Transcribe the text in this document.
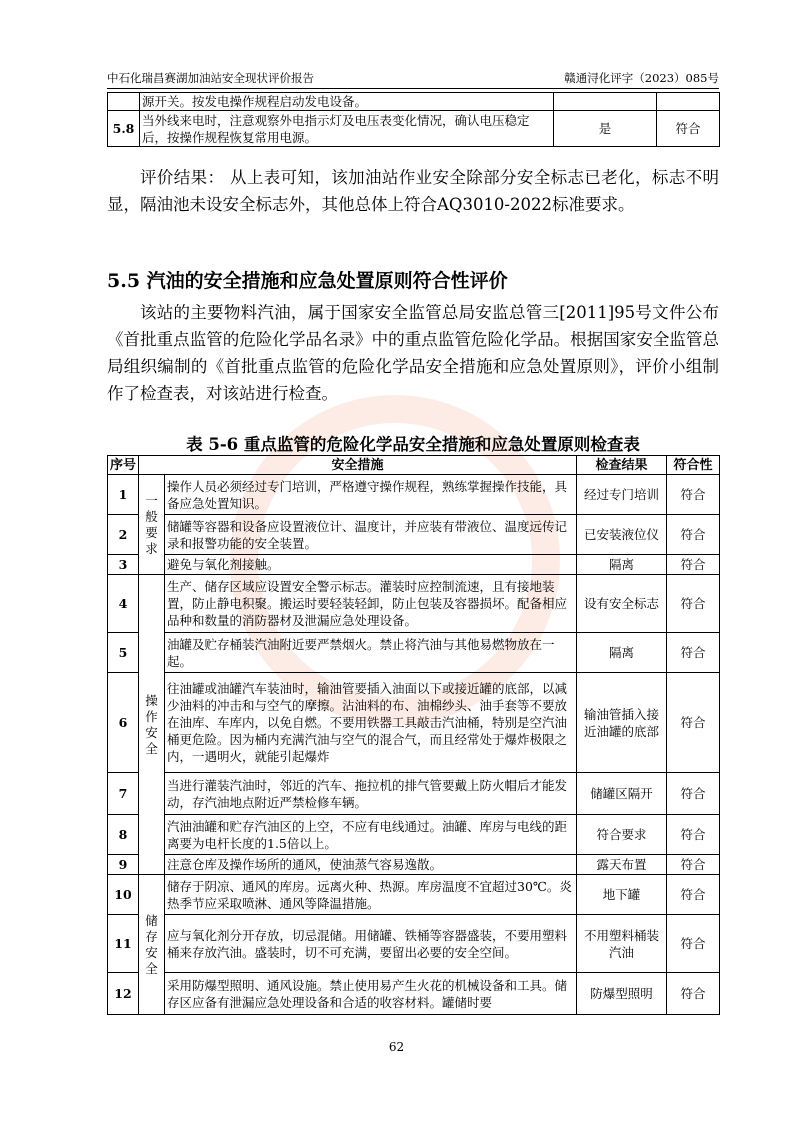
中石化瑞昌赛湖加油站安全现状评价报告	赣通浔化评字（2023）085号
	源开关。按发电操作规程启动发电设备。		
5.8	当外线来电时，注意观察外电指示灯及电压表变化情况，确认电压稳定后，按操作规程恢复常用电源。	是	符合
评价结果： 从上表可知，该加油站作业安全除部分安全标志已老化，标志不明显，隔油池未设安全标志外，其他总体上符合AQ3010-2022标准要求。
5.5 汽油的安全措施和应急处置原则符合性评价
该站的主要物料汽油，属于国家安全监管总局安监总管三[2011]95号文件公布《首批重点监管的危险化学品名录》中的重点监管危险化学品。根据国家安全监管总局组织编制的《首批重点监管的危险化学品安全措施和应急处置原则》，评价小组制作了检查表，对该站进行检查。
表 5-6 重点监管的危险化学品安全措施和应急处置原则检查表
序号	安全措施		检查结果	符合性
1	一般要求	操作人员必须经过专门培训，严格遵守操作规程，熟练掌握操作技能，具备应急处置知识。	经过专门培训	符合
2		储罐等容器和设备应设置液位计、温度计，并应装有带液位、温度远传记录和报警功能的安全装置。	已安装液位仪	符合
3		避免与氧化剂接触。	隔离	符合
4	操作安全	生产、储存区域应设置安全警示标志。灌装时应控制流速，且有接地装置，防止静电积聚。搬运时要轻装轻卸，防止包装及容器损坏。配备相应品种和数量的消防器材及泄漏应急处理设备。	设有安全标志	符合
5		油罐及贮存桶装汽油附近要严禁烟火。禁止将汽油与其他易燃物放在一起。	隔离	符合
6		往油罐或油罐汽车装油时，输油管要插入油面以下或接近罐的底部，以减少油料的冲击和与空气的摩擦。沾油料的布、油棉纱头、油手套等不要放在油库、车库内，以免自燃。不要用铁器工具敲击汽油桶，特别是空汽油桶更危险。因为桶内充满汽油与空气的混合气，而且经常处于爆炸极限之内，一遇明火，就能引起爆炸	输油管插入接近油罐的底部	符合
7		当进行灌装汽油时，邻近的汽车、拖拉机的排气管要戴上防火帽后才能发动，存汽油地点附近严禁检修车辆。	储罐区隔开	符合
8		汽油油罐和贮存汽油区的上空，不应有电线通过。油罐、库房与电线的距离要为电杆长度的1.5倍以上。	符合要求	符合
9		注意仓库及操作场所的通风，使油蒸气容易逸散。	露天布置	符合
10	储存安全	储存于阴凉、通风的库房。远离火种、热源。库房温度不宜超过30℃。炎热季节应采取喷淋、通风等降温措施。	地下罐	符合
11		应与氧化剂分开存放，切忌混储。用储罐、铁桶等容器盛装，不要用塑料桶来存放汽油。盛装时，切不可充满，要留出必要的安全空间。	不用塑料桶装汽油	符合
12		采用防爆型照明、通风设施。禁止使用易产生火花的机械设备和工具。储存区应备有泄漏应急处理设备和合适的收容材料。罐储时要	防爆型照明	符合
62
